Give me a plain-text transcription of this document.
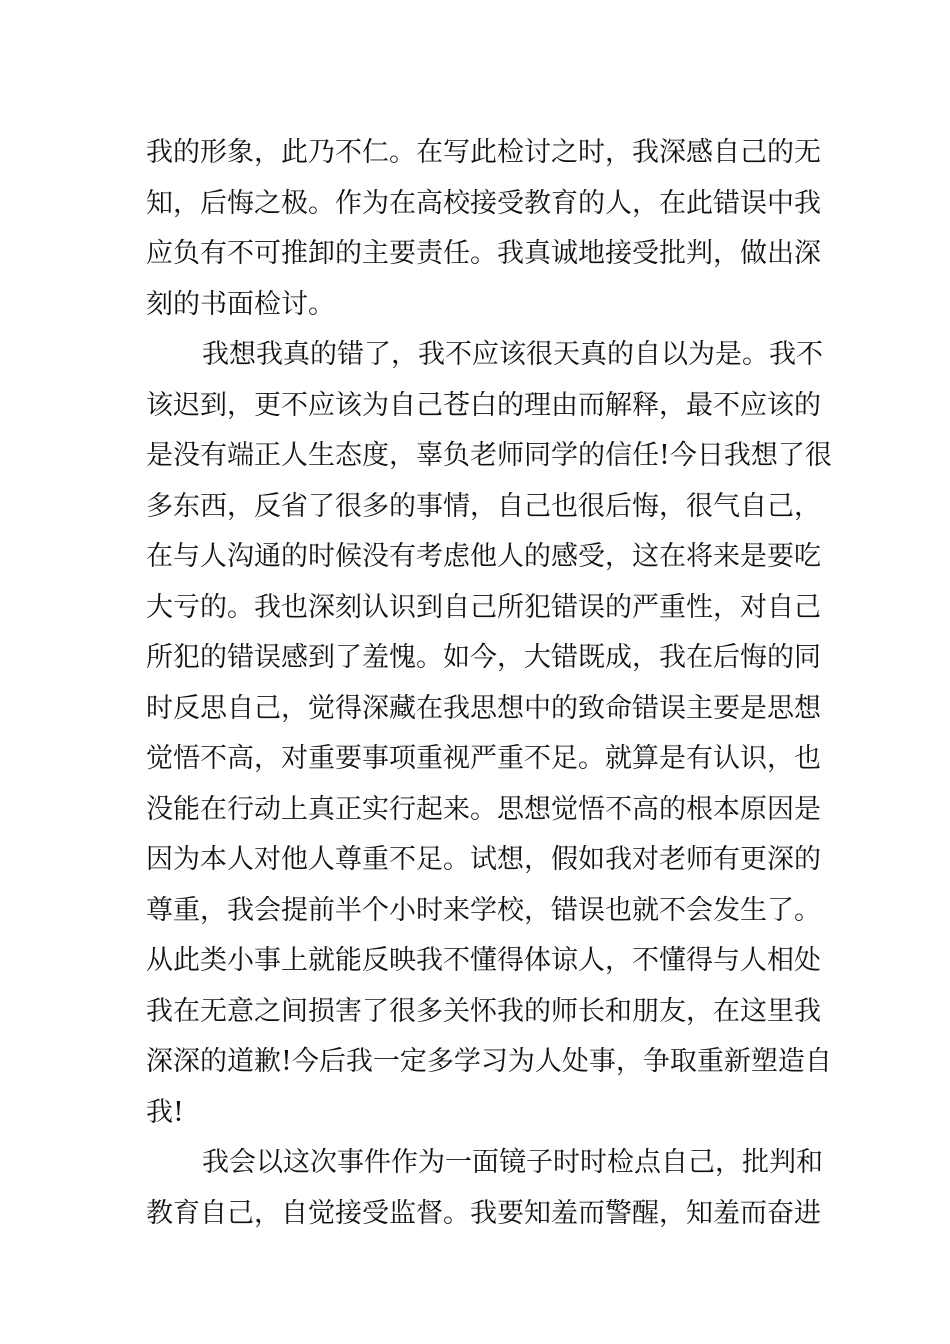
我的形象，此乃不仁。在写此检讨之时，我深感自己的无
知，后悔之极。作为在高校接受教育的人，在此错误中我
应负有不可推卸的主要责任。我真诚地接受批判，做出深
刻的书面检讨。
我想我真的错了，我不应该很天真的自以为是。我不
该迟到，更不应该为自己苍白的理由而解释，最不应该的
是没有端正人生态度，辜负老师同学的信任!今日我想了很
多东西，反省了很多的事情，自己也很后悔，很气自己，
在与人沟通的时候没有考虑他人的感受，这在将来是要吃
大亏的。我也深刻认识到自己所犯错误的严重性，对自己
所犯的错误感到了羞愧。如今，大错既成，我在后悔的同
时反思自己，觉得深藏在我思想中的致命错误主要是思想
觉悟不高，对重要事项重视严重不足。就算是有认识，也
没能在行动上真正实行起来。思想觉悟不高的根本原因是
因为本人对他人尊重不足。试想，假如我对老师有更深的
尊重，我会提前半个小时来学校，错误也就不会发生了。
从此类小事上就能反映我不懂得体谅人，不懂得与人相处
我在无意之间损害了很多关怀我的师长和朋友，在这里我
深深的道歉!今后我一定多学习为人处事，争取重新塑造自
我!
我会以这次事件作为一面镜子时时检点自己，批判和
教育自己，自觉接受监督。我要知羞而警醒，知羞而奋进
